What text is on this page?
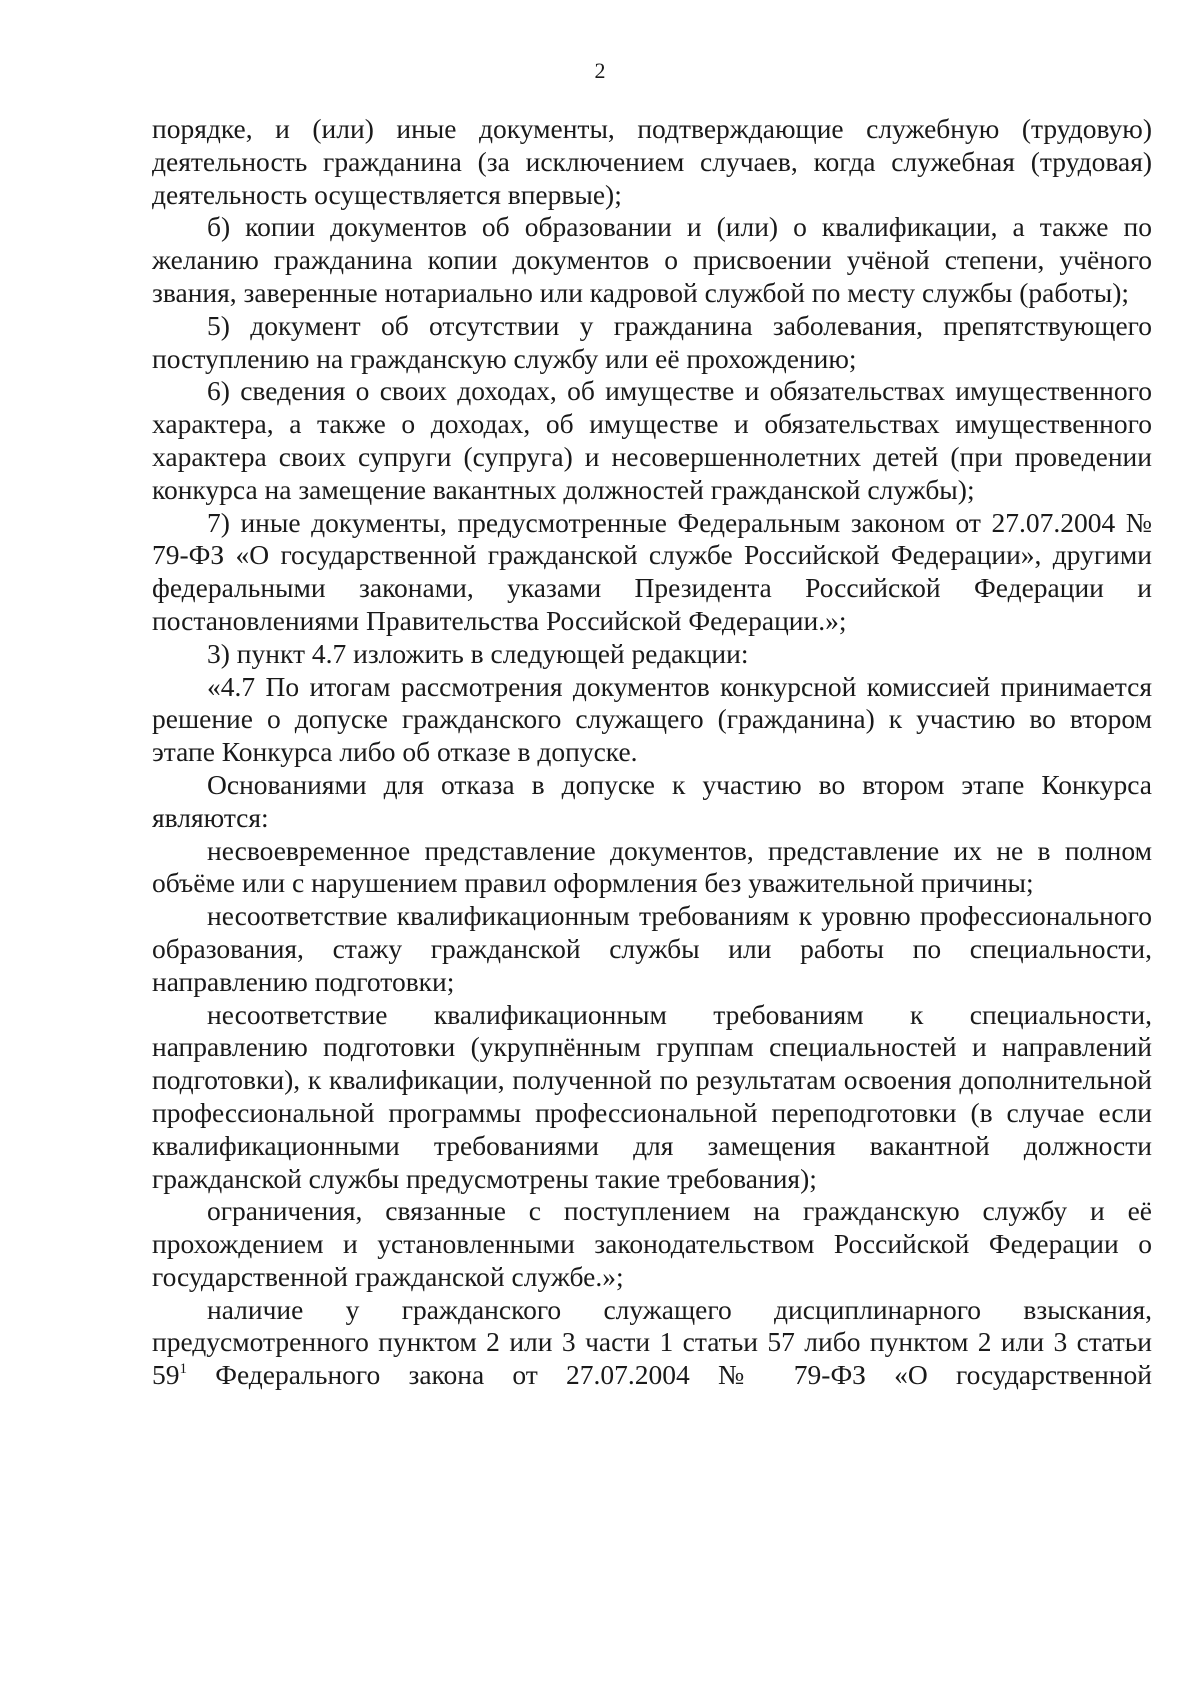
2

порядке, и (или) иные документы, подтверждающие служебную (трудовую) деятельность гражданина (за исключением случаев, когда служебная (трудовая) деятельность осуществляется впервые);

б) копии документов об образовании и (или) о квалификации, а также по желанию гражданина копии документов о присвоении учёной степени, учёного звания, заверенные нотариально или кадровой службой по месту службы (работы);

5) документ об отсутствии у гражданина заболевания, препятствующего поступлению на гражданскую службу или её прохождению;

6) сведения о своих доходах, об имуществе и обязательствах имущественного характера, а также о доходах, об имуществе и обязательствах имущественного характера своих супруги (супруга) и несовершеннолетних детей (при проведении конкурса на замещение вакантных должностей гражданской службы);

7) иные документы, предусмотренные Федеральным законом от 27.07.2004 № 79-ФЗ «О государственной гражданской службе Российской Федерации», другими федеральными законами, указами Президента Российской Федерации и постановлениями Правительства Российской Федерации.»;

3) пункт 4.7 изложить в следующей редакции:

«4.7 По итогам рассмотрения документов конкурсной комиссией принимается решение о допуске гражданского служащего (гражданина) к участию во втором этапе Конкурса либо об отказе в допуске.

Основаниями для отказа в допуске к участию во втором этапе Конкурса являются:

несвоевременное представление документов, представление их не в полном объёме или с нарушением правил оформления без уважительной причины;

несоответствие квалификационным требованиям к уровню профессионального образования, стажу гражданской службы или работы по специальности, направлению подготовки;

несоответствие квалификационным требованиям к специальности, направлению подготовки (укрупнённым группам специальностей и направлений подготовки), к квалификации, полученной по результатам освоения дополнительной профессиональной программы профессиональной переподготовки (в случае если квалификационными требованиями для замещения вакантной должности гражданской службы предусмотрены такие требования);

ограничения, связанные с поступлением на гражданскую службу и её прохождением и установленными законодательством Российской Федерации о государственной гражданской службе.»;

наличие у гражданского служащего дисциплинарного взыскания, предусмотренного пунктом 2 или 3 части 1 статьи 57 либо пунктом 2 или 3 статьи $59^1$ Федерального закона от 27.07.2004 № 79-ФЗ «О государственной
